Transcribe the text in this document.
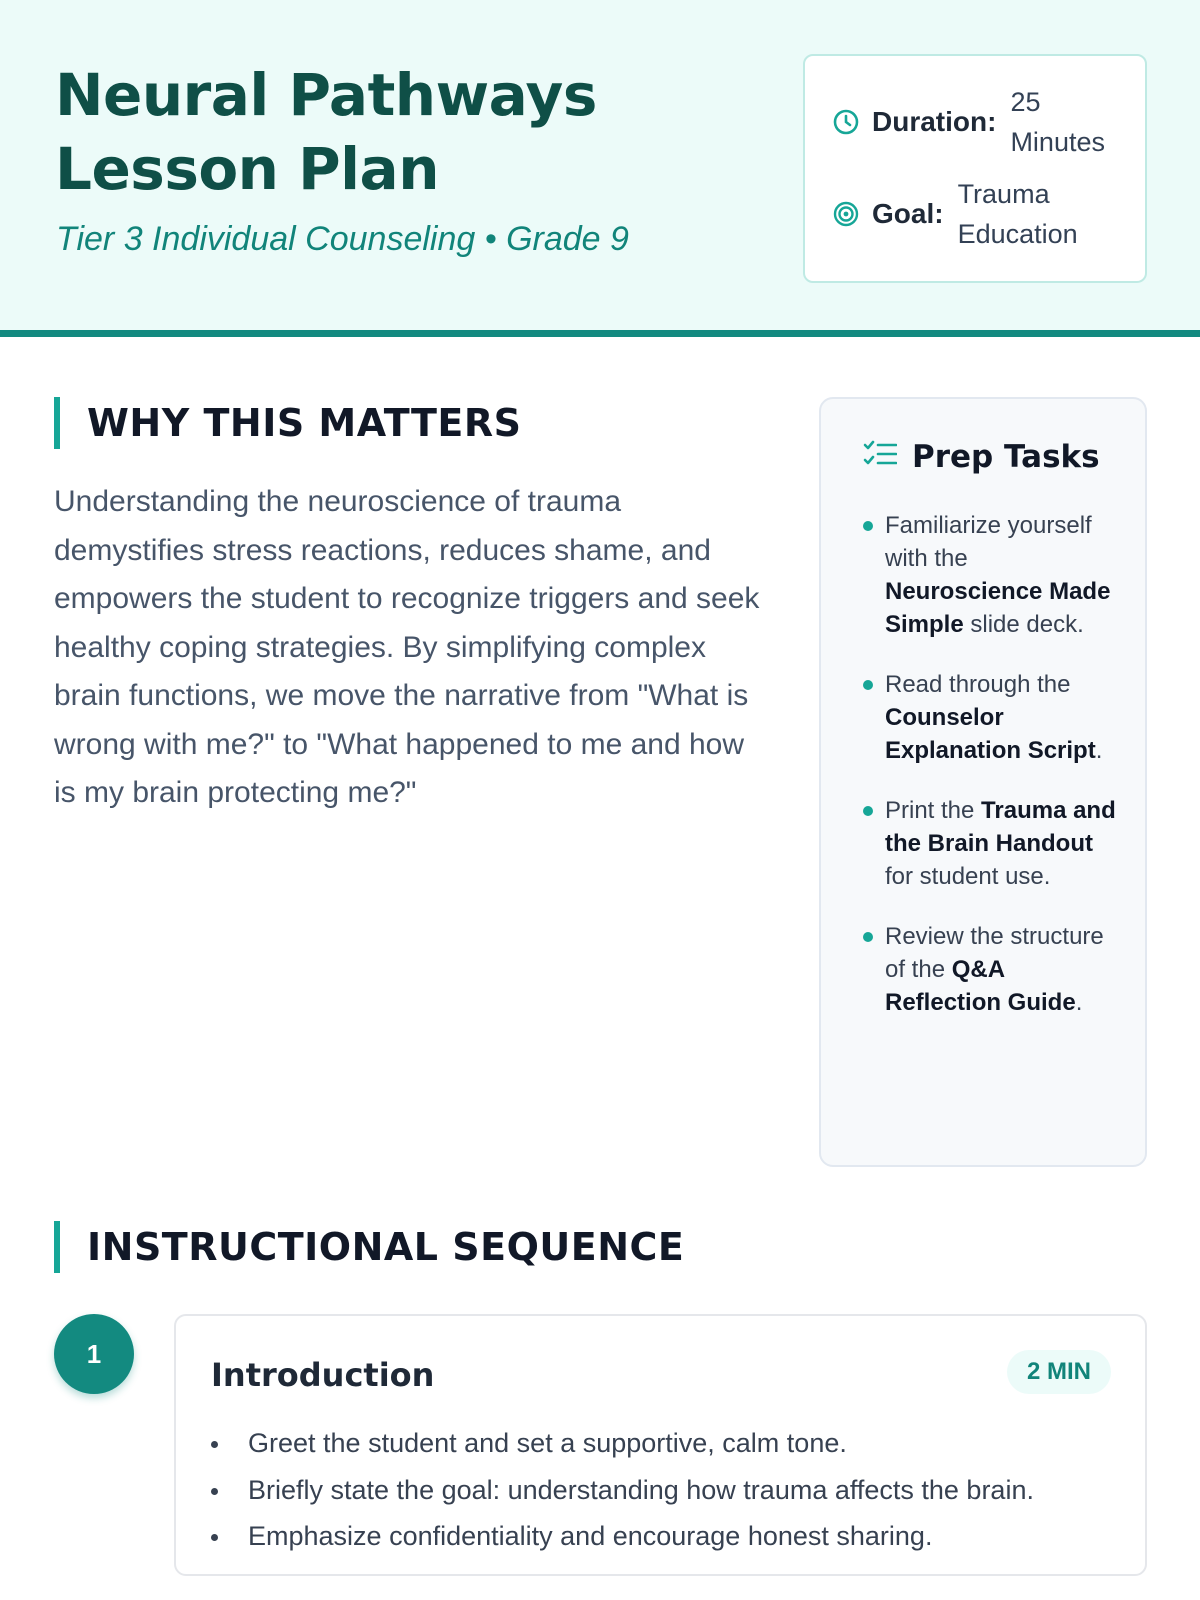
Neural Pathways Lesson Plan
Tier 3 Individual Counseling • Grade 9
Duration:
25 Minutes
Goal:
Trauma Education
WHY THIS MATTERS

Understanding the neuroscience of trauma demystifies stress reactions, reduces shame, and empowers the student to recognize triggers and seek healthy coping strategies. By simplifying complex brain functions, we move the narrative from "What is wrong with me?" to "What happened to me and how is my brain protecting me?"

Prep Tasks
Familiarize yourself with the Neuroscience Made Simple slide deck.
Read through the Counselor Explanation Script.
Print the Trauma and the Brain Handout for student use.
Review the structure of the Q&A Reflection Guide.
INSTRUCTIONAL SEQUENCE
1
Introduction	2 MIN
Greet the student and set a supportive, calm tone.
Briefly state the goal: understanding how trauma affects the brain.
Emphasize confidentiality and encourage honest sharing.
